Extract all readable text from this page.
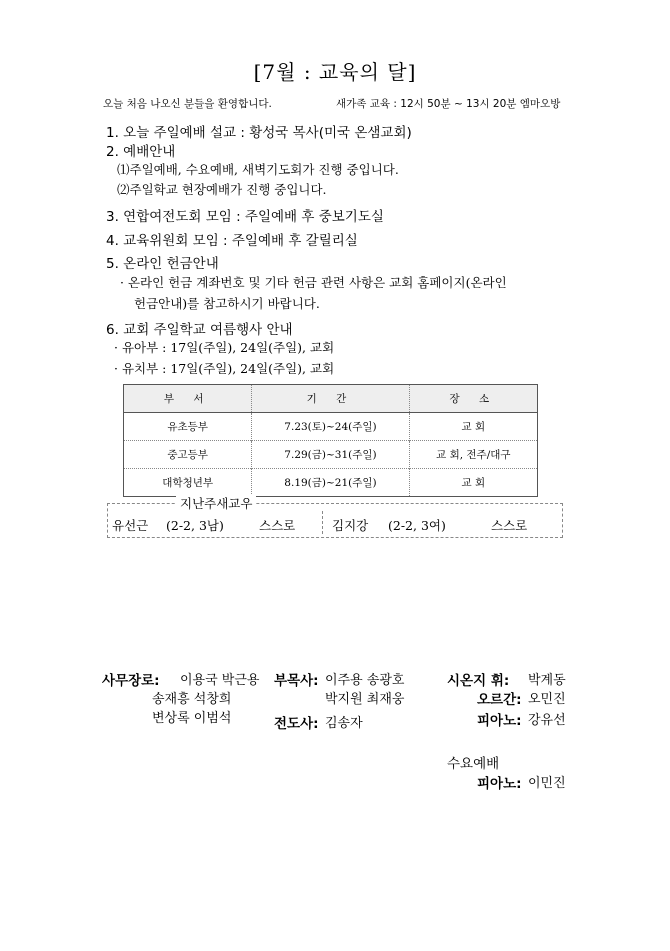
[7월 : 교육의 달]
오늘 처음 나오신 분들을 환영합니다.	새가족 교육 : 12시 50분 ~ 13시 20분 엠마오방
1. 오늘 주일예배 설교 : 황성국 목사(미국 온샘교회)
2. 예배안내
⑴주일예배, 수요예배, 새벽기도회가 진행 중입니다.
⑵주일학교 현장예배가 진행 중입니다.
3. 연합여전도회 모임 : 주일예배 후 중보기도실
4. 교육위원회 모임 : 주일예배 후 갈릴리실
5. 온라인 헌금안내
· 온라인 헌금 계좌번호 및 기타 헌금 관련 사항은 교회 홈페이지(온라인
헌금안내)를 참고하시기 바랍니다.
6. 교회 주일학교 여름행사 안내
· 유아부 : 17일(주일), 24일(주일), 교회
· 유치부 : 17일(주일), 24일(주일), 교회
부 서	기 간	장 소
유초등부	7.23(토)~24(주일)	교 회
중고등부	7.29(금)~31(주일)	교 회, 전주/대구
대학청년부	8.19(금)~21(주일)	교 회
지난주새교우
유선근 (2-2, 3남)	스스로	김지강 (2-2, 3여)	스스로
사무장로: 이용국 박근용
송재흥 석창희
변상록 이범석
부목사: 이주용 송광호
박지원 최재웅
전도사: 김송자
시온지 휘: 박계동
오르간: 오민진
피아노: 강유선
수요예배
피아노: 이민진
